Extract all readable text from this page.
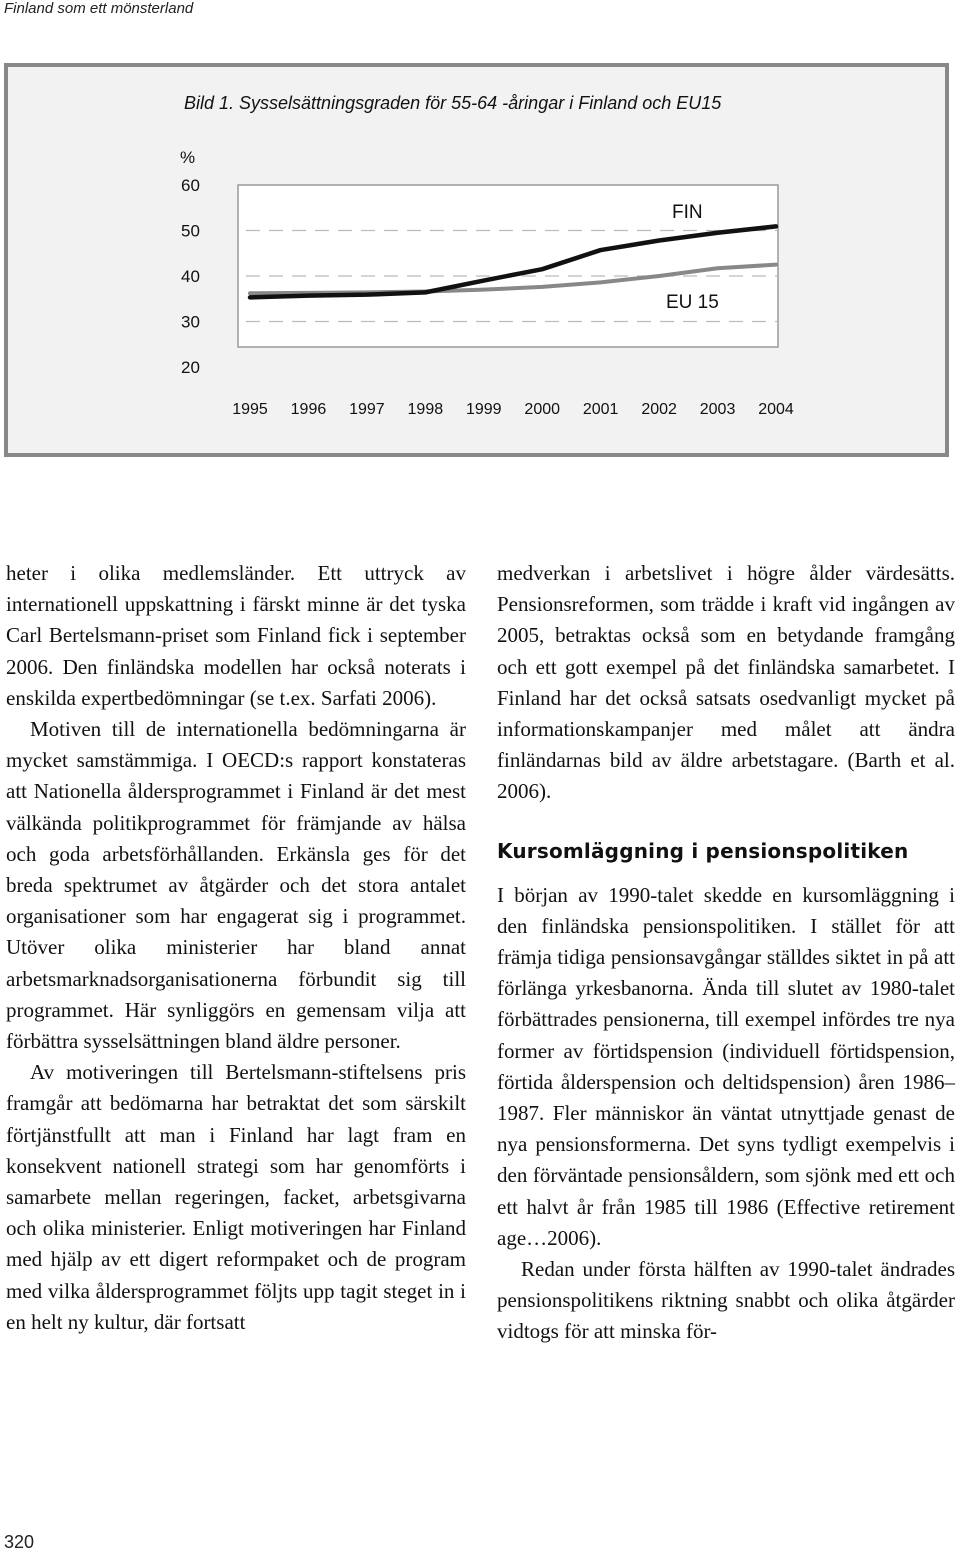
Finland som ett mönsterland
Bild 1. Sysselsättningsgraden för 55-64 -åringar i Finland och EU15
%
20
30
40
50
60
1995 1996 1997 1998 1999 2000 2001 2002 2003 2004
FIN
EU 15

heter i olika medlemsländer. Ett uttryck av internationell uppskattning i färskt minne är det tyska Carl Bertelsmann-priset som Finland fick i september 2006. Den finländska modellen har också noterats i enskilda expertbedömningar (se t.ex. Sarfati 2006).

Motiven till de internationella bedömningarna är mycket samstämmiga. I OECD:s rapport konstateras att Nationella åldersprogrammet i Finland är det mest välkända politikprogrammet för främjande av hälsa och goda arbetsförhållanden. Erkänsla ges för det breda spektrumet av åtgärder och det stora antalet organisationer som har engagerat sig i programmet. Utöver olika ministerier har bland annat arbetsmarknadsorganisationerna förbundit sig till programmet. Här synliggörs en gemensam vilja att förbättra sysselsättningen bland äldre personer.

Av motiveringen till Bertelsmann-stiftelsens pris framgår att bedömarna har betraktat det som särskilt förtjänstfullt att man i Finland har lagt fram en konsekvent nationell strategi som har genomförts i samarbete mellan regeringen, facket, arbetsgivarna och olika ministerier. Enligt motiveringen har Finland med hjälp av ett digert reformpaket och de program med vilka åldersprogrammet följts upp tagit steget in i en helt ny kultur, där fortsatt

medverkan i arbetslivet i högre ålder värdesätts. Pensionsreformen, som trädde i kraft vid ingången av 2005, betraktas också som en betydande framgång och ett gott exempel på det finländska samarbetet. I Finland har det också satsats osedvanligt mycket på informationskampanjer med målet att ändra finländarnas bild av äldre arbetstagare. (Barth et al. 2006).

Kursomläggning i pensionspolitiken

I början av 1990-talet skedde en kursomläggning i den finländska pensionspolitiken. I stället för att främja tidiga pensionsavgångar ställdes siktet in på att förlänga yrkesbanorna. Ända till slutet av 1980-talet förbättrades pensionerna, till exempel infördes tre nya former av förtidspension (individuell förtidspension, förtida ålderspension och deltidspension) åren 1986–1987. Fler människor än väntat utnyttjade genast de nya pensionsformerna. Det syns tydligt exempelvis i den förväntade pensionsåldern, som sjönk med ett och ett halvt år från 1985 till 1986 (Effective retirement age…2006).

Redan under första hälften av 1990-talet ändrades pensionspolitikens riktning snabbt och olika åtgärder vidtogs för att minska för-

320
